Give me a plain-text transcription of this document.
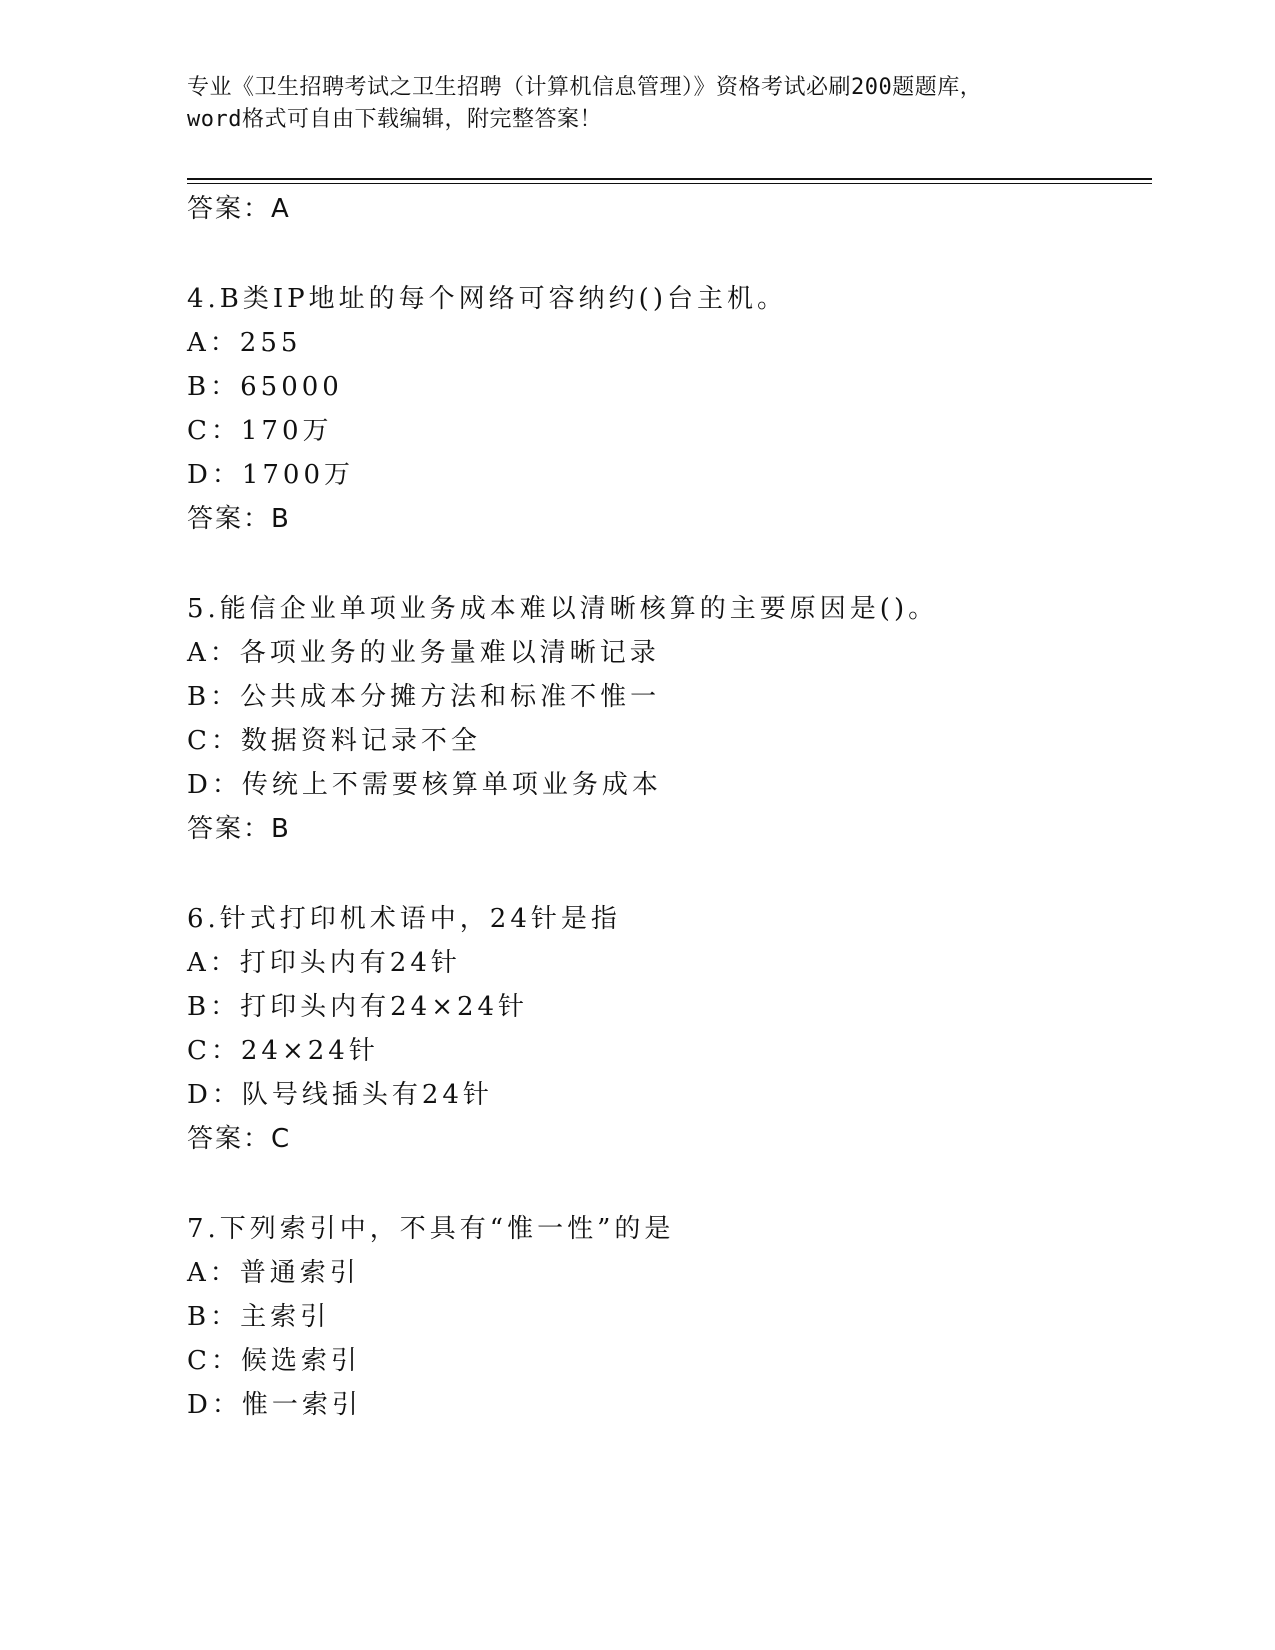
专业《卫生招聘考试之卫生招聘（计算机信息管理）》资格考试必刷200题题库，
word格式可自由下载编辑，附完整答案！
答案：A
4.B类IP地址的每个网络可容纳约()台主机。
A：255
B：65000
C：170万
D：1700万
答案：B
5.能信企业单项业务成本难以清晰核算的主要原因是()。
A：各项业务的业务量难以清晰记录
B：公共成本分摊方法和标准不惟一
C：数据资料记录不全
D：传统上不需要核算单项业务成本
答案：B
6.针式打印机术语中，24针是指
A：打印头内有24针
B：打印头内有24×24针
C：24×24针
D：队号线插头有24针
答案：C
7.下列索引中，不具有“惟一性”的是
A：普通索引
B：主索引
C：候选索引
D：惟一索引
